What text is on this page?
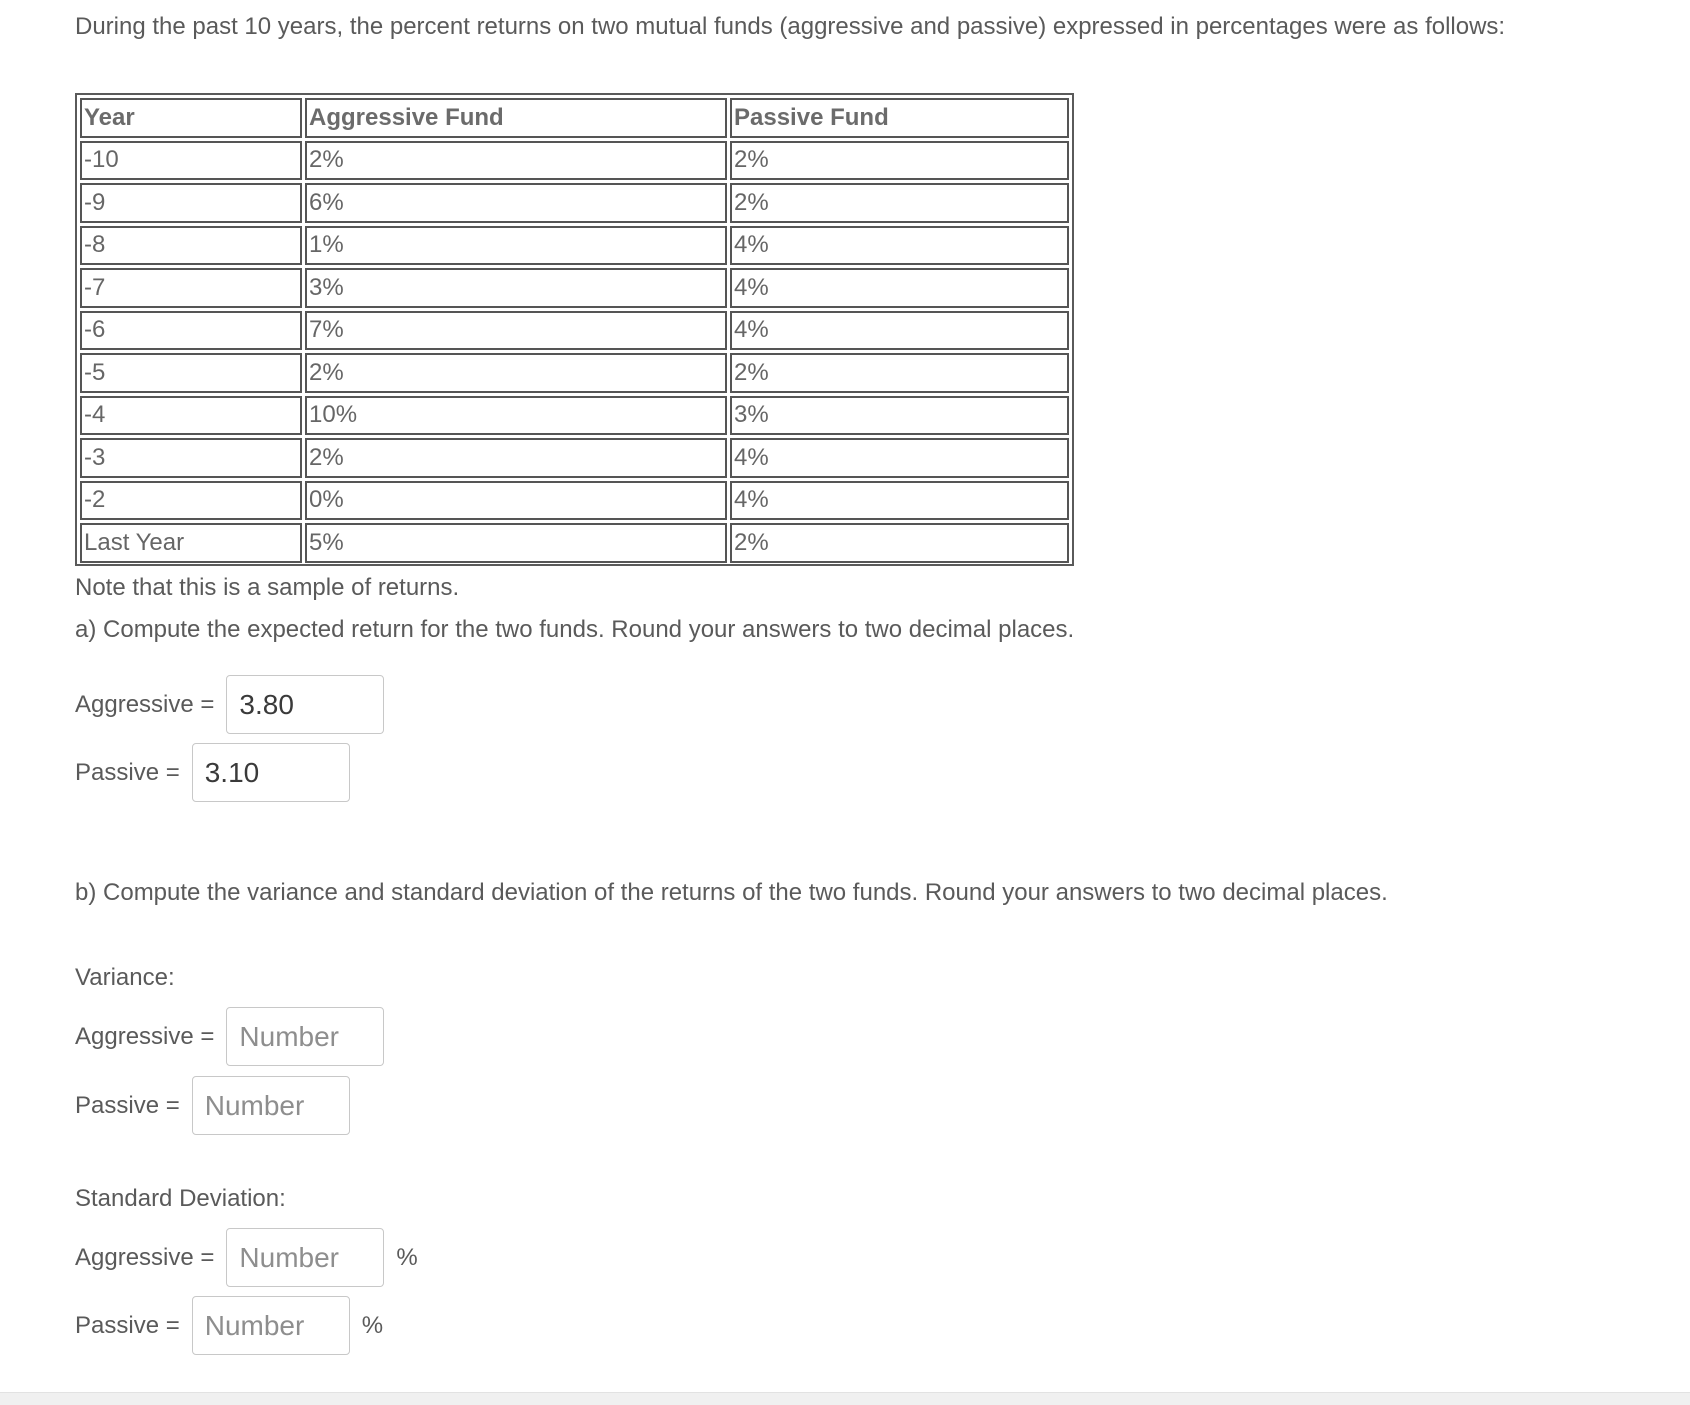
During the past 10 years, the percent returns on two mutual funds (aggressive and passive) expressed in percentages were as follows:
Year	Aggressive Fund	Passive Fund
-10	2%	2%
-9	6%	2%
-8	1%	4%
-7	3%	4%
-6	7%	4%
-5	2%	2%
-4	10%	3%
-3	2%	4%
-2	0%	4%
Last Year	5%	2%
Note that this is a sample of returns.
a) Compute the expected return for the two funds. Round your answers to two decimal places.
Aggressive =
3.80
Passive =
3.10
b) Compute the variance and standard deviation of the returns of the two funds. Round your answers to two decimal places.
Variance:
Aggressive =
Number
Passive =
Number
Standard Deviation:
Aggressive =
Number	%
Passive =
Number	%
